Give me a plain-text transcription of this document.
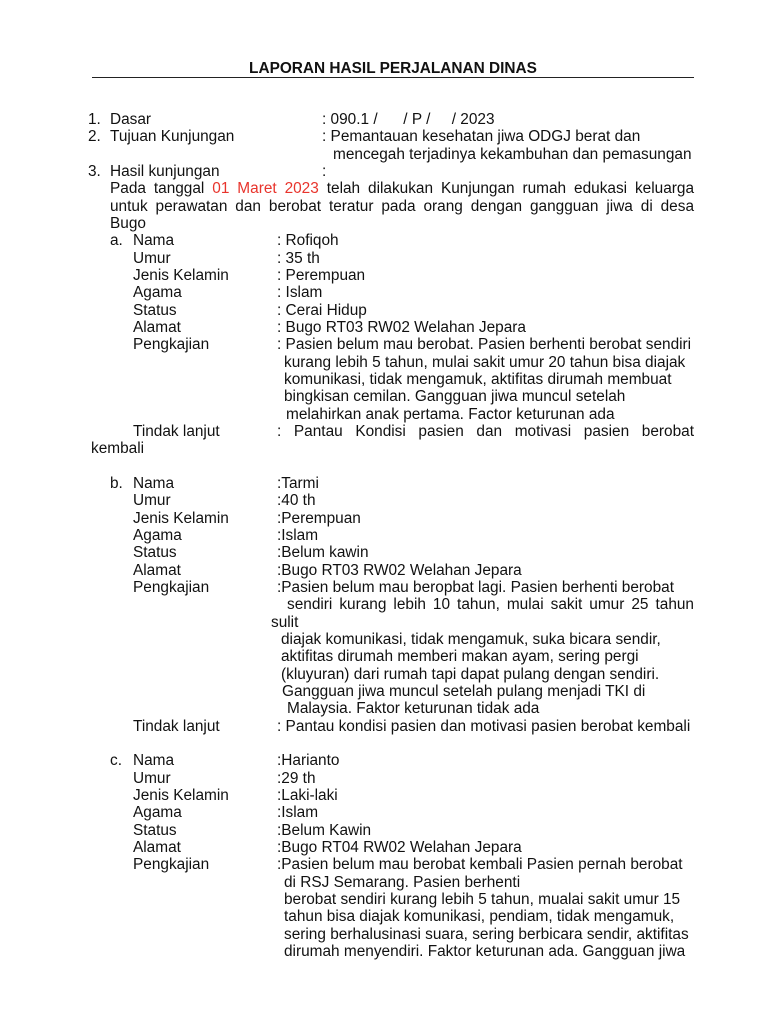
LAPORAN HASIL PERJALANAN DINAS
1. Dasar	: 090.1 /      / P /     / 2023
2. Tujuan Kunjungan	: Pemantauan kesehatan jiwa ODGJ berat dan
mencegah terjadinya kekambuhan dan pemasungan
3. Hasil kunjungan	:
Pada tanggal 01 Maret 2023 telah dilakukan Kunjungan rumah edukasi keluarga
untuk perawatan dan berobat teratur pada orang dengan gangguan jiwa di desa
Bugo
a. Nama	: Rofiqoh
Umur	: 35 th
Jenis Kelamin	: Perempuan
Agama	: Islam
Status	: Cerai Hidup
Alamat	: Bugo RT03 RW02 Welahan Jepara
Pengkajian	: Pasien belum mau berobat. Pasien berhenti berobat sendiri
kurang lebih 5 tahun, mulai sakit umur 20 tahun bisa diajak
komunikasi, tidak mengamuk, aktifitas dirumah membuat
bingkisan cemilan. Gangguan jiwa muncul setelah
melahirkan anak pertama. Factor keturunan ada
Tindak lanjut	: Pantau Kondisi pasien dan motivasi pasien berobat
kembali
b. Nama	:Tarmi
Umur	:40 th
Jenis Kelamin	:Perempuan
Agama	:Islam
Status	:Belum kawin
Alamat	:Bugo RT03 RW02 Welahan Jepara
Pengkajian	:Pasien belum mau beropbat lagi. Pasien berhenti berobat
sendiri kurang lebih 10 tahun, mulai sakit umur 25 tahun
sulit
diajak komunikasi, tidak mengamuk, suka bicara sendir,
aktifitas dirumah memberi makan ayam, sering pergi
(kluyuran) dari rumah tapi dapat pulang dengan sendiri.
Gangguan jiwa muncul setelah pulang menjadi TKI di
Malaysia. Faktor keturunan tidak ada
Tindak lanjut	: Pantau kondisi pasien dan motivasi pasien berobat kembali
c. Nama	:Harianto
Umur	:29 th
Jenis Kelamin	:Laki-laki
Agama	:Islam
Status	:Belum Kawin
Alamat	:Bugo RT04 RW02 Welahan Jepara
Pengkajian	:Pasien belum mau berobat kembali Pasien pernah berobat
di RSJ Semarang. Pasien berhenti
berobat sendiri kurang lebih 5 tahun, mualai sakit umur 15
tahun bisa diajak komunikasi, pendiam, tidak mengamuk,
sering berhalusinasi suara, sering berbicara sendir, aktifitas
dirumah menyendiri. Faktor keturunan ada. Gangguan jiwa
